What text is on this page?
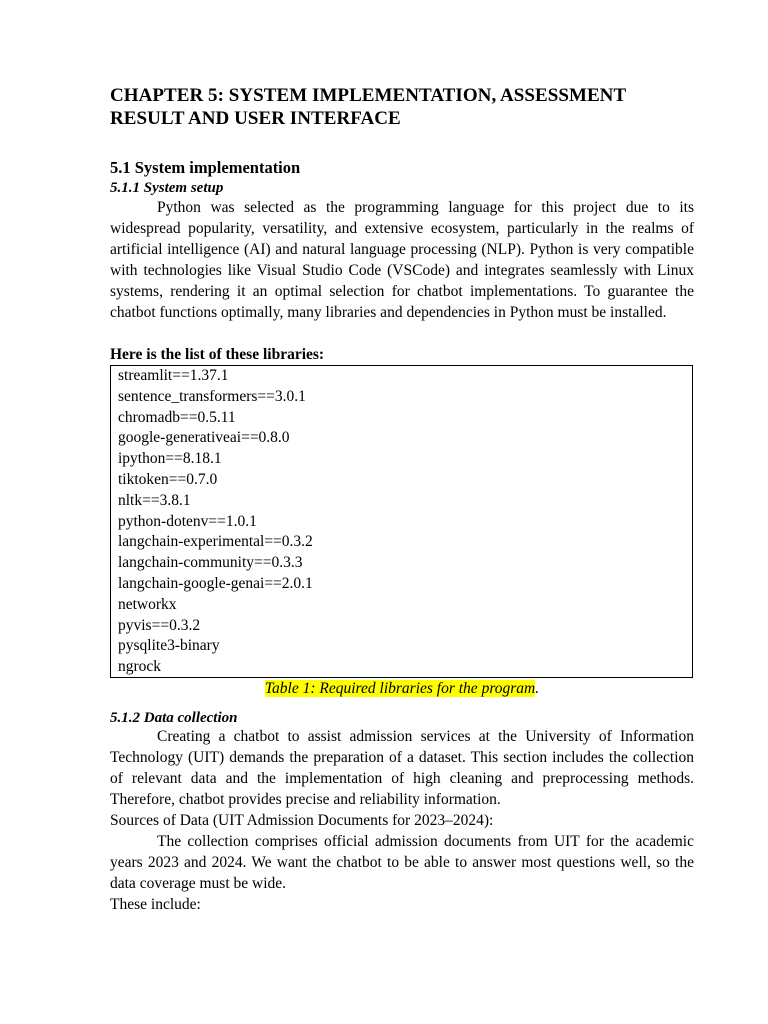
CHAPTER 5: SYSTEM IMPLEMENTATION, ASSESSMENT RESULT AND USER INTERFACE
5.1 System implementation
5.1.1 System setup

Python was selected as the programming language for this project due to its widespread popularity, versatility, and extensive ecosystem, particularly in the realms of artificial intelligence (AI) and natural language processing (NLP). Python is very compatible with technologies like Visual Studio Code (VSCode) and integrates seamlessly with Linux systems, rendering it an optimal selection for chatbot implementations. To guarantee the chatbot functions optimally, many libraries and dependencies in Python must be installed.

Here is the list of these libraries:

streamlit==1.37.1
sentence_transformers==3.0.1
chromadb==0.5.11
google-generativeai==0.8.0
ipython==8.18.1
tiktoken==0.7.0
nltk==3.8.1
python-dotenv==1.0.1
langchain-experimental==0.3.2
langchain-community==0.3.3
langchain-google-genai==2.0.1
networkx
pyvis==0.3.2
pysqlite3-binary
ngrock
Table 1: Required libraries for the program.
5.1.2 Data collection

Creating a chatbot to assist admission services at the University of Information Technology (UIT) demands the preparation of a dataset. This section includes the collection of relevant data and the implementation of high cleaning and preprocessing methods. Therefore, chatbot provides precise and reliability information.

Sources of Data (UIT Admission Documents for 2023–2024):

The collection comprises official admission documents from UIT for the academic years 2023 and 2024. We want the chatbot to be able to answer most questions well, so the data coverage must be wide.

These include:
